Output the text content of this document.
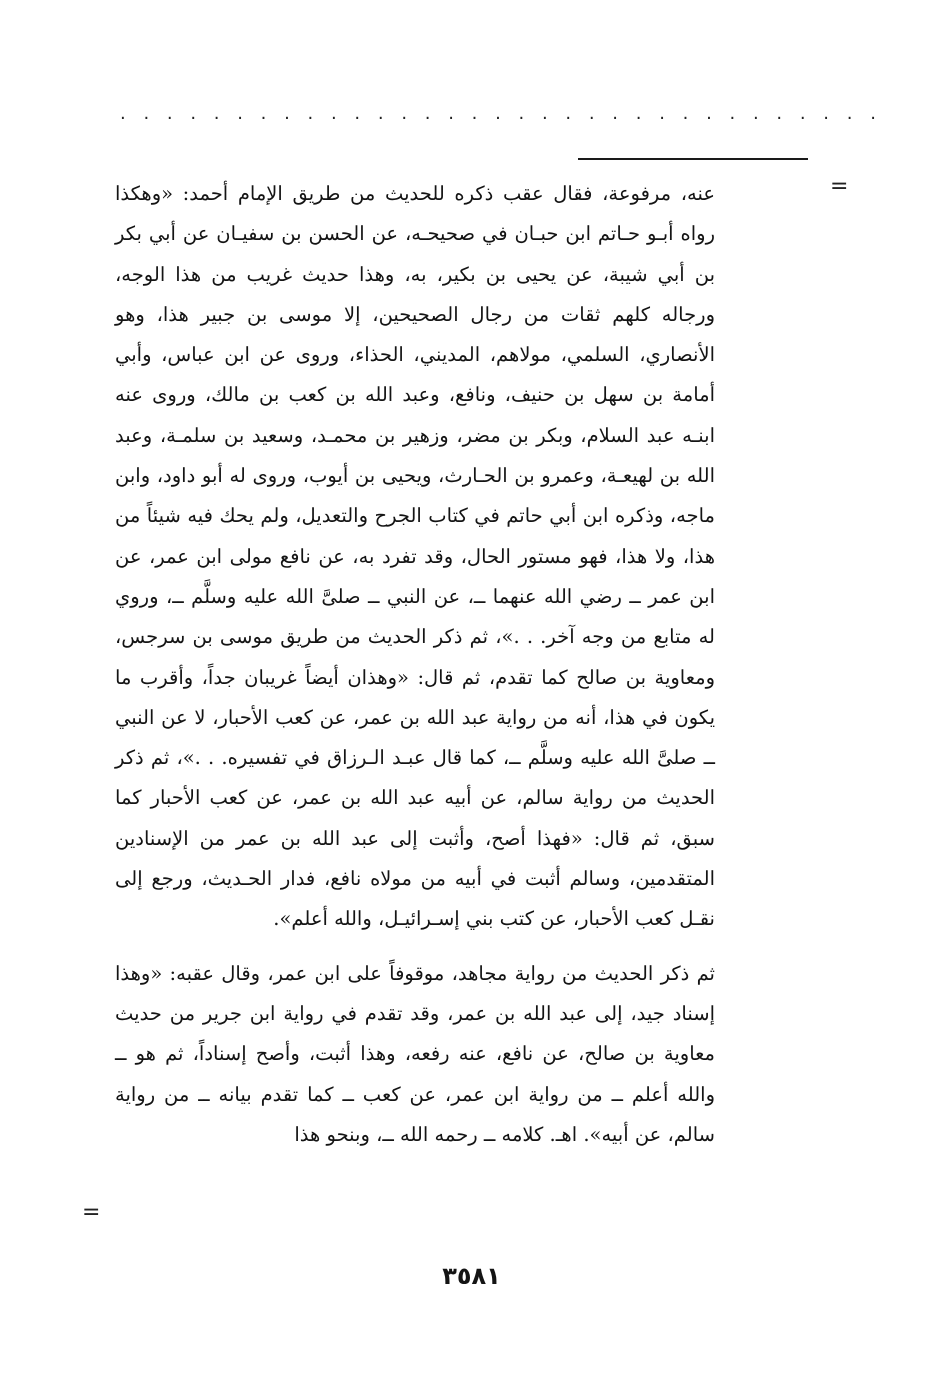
· · · · · · · · · · · · · · · · · · · · · · · · · · · · · · · · ·
=

عنه، مرفوعة، فقال عقب ذكره للحديث من طريق الإمام أحمد: «وهكذا رواه أبـو حـاتم ابن حبـان في صحيحـه، عن الحسن بن سفيـان عن أبي بكر بن أبي شيبة، عن يحيى بن بكير، به، وهذا حديث غريب من هذا الوجه، ورجاله كلهم ثقات من رجال الصحيحين، إلا موسى بن جبير هذا، وهو الأنصاري، السلمي، مولاهم، المديني، الحذاء، وروى عن ابن عباس، وأبي أمامة بن سهل بن حنيف، ونافع، وعبد الله بن كعب بن مالك، وروى عنه ابنـه عبد السلام، وبكر بن مضر، وزهير بن محمـد، وسعيد بن سلمـة، وعبد الله بن لهيعـة، وعمرو بن الحـارث، ويحيى بن أيوب، وروى له أبو داود، وابن ماجه، وذكره ابن أبي حاتم في كتاب الجرح والتعديل، ولم يحك فيه شيئاً من هذا، ولا هذا، فهو مستور الحال، وقد تفرد به، عن نافع مولى ابن عمر، عن ابن عمر ــ رضي الله عنهما ــ، عن النبي ــ صلىَّ الله عليه وسلَّم ــ، وروي له متابع من وجه آخر. . .»، ثم ذكر الحديث من طريق موسى بن سرجس، ومعاوية بن صالح كما تقدم، ثم قال: «وهذان أيضاً غريبان جداً، وأقرب ما يكون في هذا، أنه من رواية عبد الله بن عمر، عن كعب الأحبار، لا عن النبي ــ صلىَّ الله عليه وسلَّم ــ، كما قال عبـد الـرزاق في تفسيره. . .»، ثم ذكر الحديث من رواية سالم، عن أبيه عبد الله بن عمر، عن كعب الأحبار كما سبق، ثم قال: «فهذا أصح، وأثبت إلى عبد الله بن عمر من الإسنادين المتقدمين، وسالم أثبت في أبيه من مولاه نافع، فدار الحـديث، ورجع إلى نقـل كعب الأحبار، عن كتب بني إسـرائيـل، والله أعلم».

ثم ذكر الحديث من رواية مجاهد، موقوفاً على ابن عمر، وقال عقبه: «وهذا إسناد جيد، إلى عبد الله بن عمر، وقد تقدم في رواية ابن جرير من حديث معاوية بن صالح، عن نافع، عنه رفعه، وهذا أثبت، وأصح إسناداً، ثم هو ــ والله أعلم ــ من رواية ابن عمر، عن كعب ــ كما تقدم بيانه ــ من رواية سالم، عن أبيه». اهـ. كلامه ــ رحمه الله ــ، وبنحو هذا

=
٣٥٨١
